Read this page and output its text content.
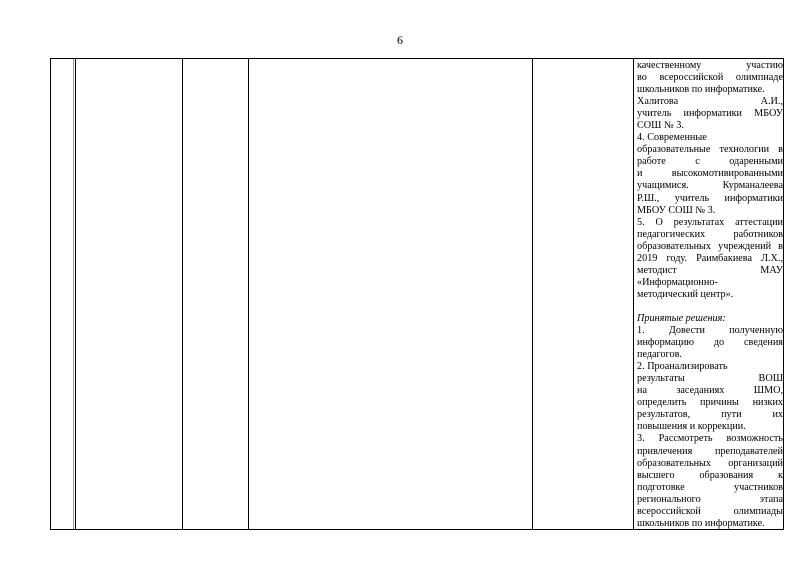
6
качественному участию
во всероссийской олимпиаде
школьников по информатике.
Халитова А.И.,
учитель информатики МБОУ
СОШ № 3.
4. Современные
образовательные технологии в
работе с одаренными
и высокомотивированными
учащимися. Курманалеева
Р.Ш., учитель информатики
МБОУ СОШ № 3.
5. О результатах аттестации
педагогических работников
образовательных учреждений в
2019 году. Раимбакиева Л.Х.,
методист МАУ
«Информационно-
методический центр».
Принятые решения:
1. Довести полученную
информацию до сведения
педагогов.
2. Проанализировать
результаты ВОШ
на заседаниях ШМО,
определить причины низких
результатов, пути их
повышения и коррекции.
3. Рассмотреть возможность
привлечения преподавателей
образовательных организаций
высшего образования к
подготовке участников
регионального этапа
всероссийской олимпиады
школьников по информатике.
